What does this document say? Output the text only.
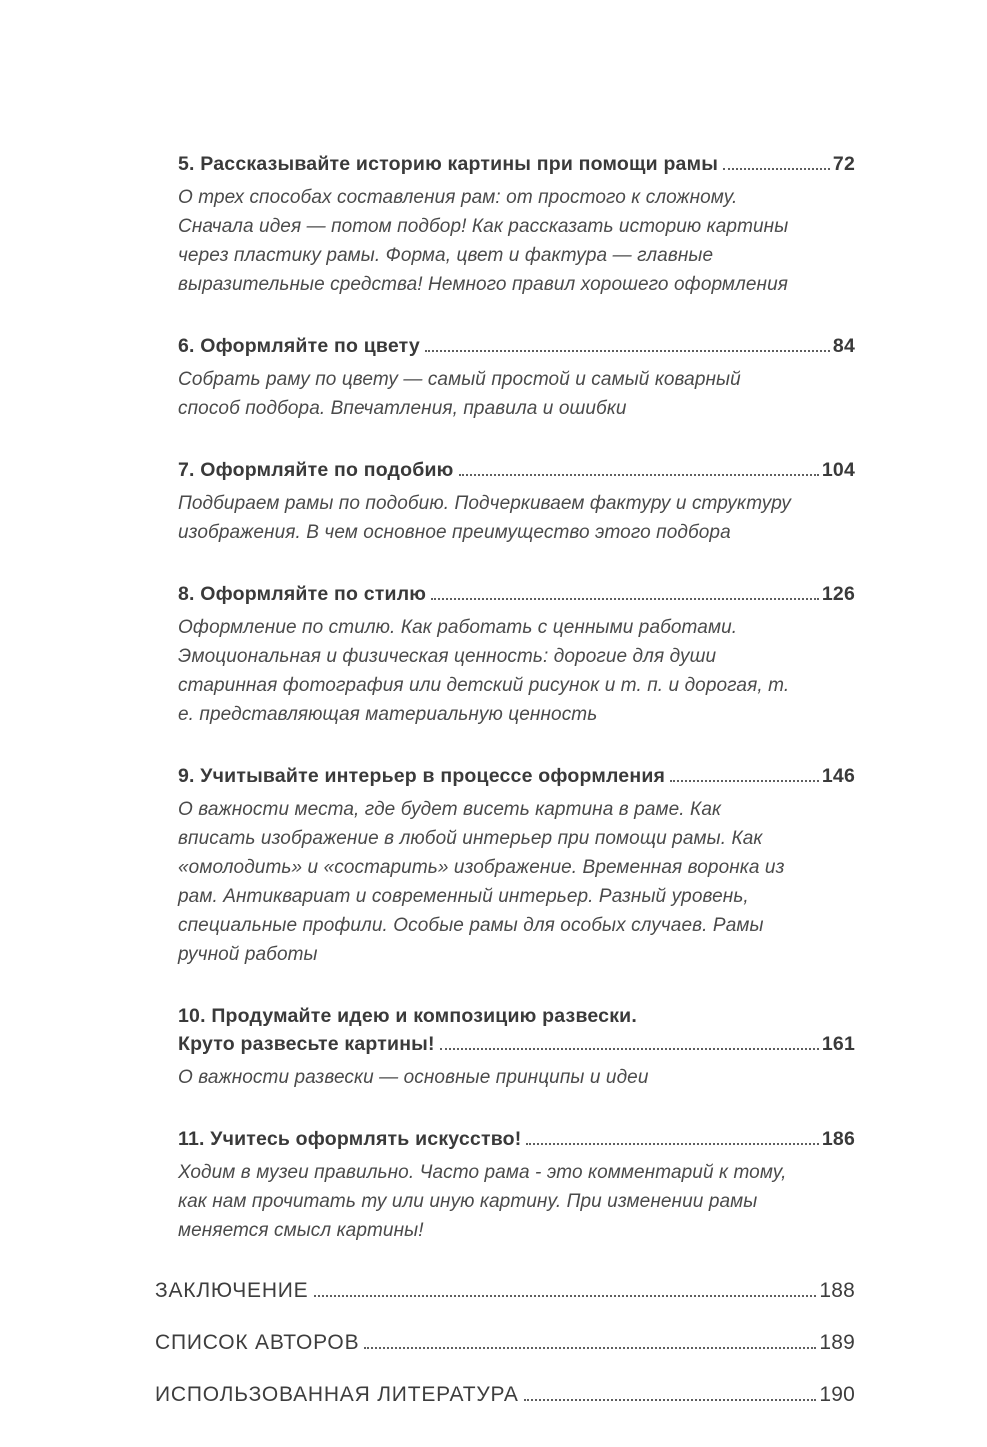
5. Рассказывайте историю картины при помощи рамы	72

О трех способах составления рам: от простого к сложному. Сначала идея — потом подбор! Как рассказать историю картины через пластику рамы. Форма, цвет и фактура — главные выразительные средства! Немного правил хорошего оформления

6. Оформляйте по цвету	84

Собрать раму по цвету — самый простой и самый коварный способ подбора. Впечатления, правила и ошибки

7. Оформляйте по подобию	104

Подбираем рамы по подобию. Подчеркиваем фактуру и структуру изображения. В чем основное преимущество этого подбора

8. Оформляйте по стилю	126

Оформление по стилю. Как работать с ценными работами. Эмоциональная и физическая ценность: дорогие для души старинная фотография или детский рисунок и т. п. и дорогая, т. е. представляющая материальную ценность

9. Учитывайте интерьер в процессе оформления	146

О важности места, где будет висеть картина в раме. Как вписать изображение в любой интерьер при помощи рамы. Как «омолодить» и «состарить» изображение. Временная воронка из рам. Антиквариат и современный интерьер. Разный уровень, специальные профили. Особые рамы для особых случаев. Рамы ручной работы

10. Продумайте идею и композицию развески.
Круто развесьте картины!	161

О важности развески — основные принципы и идеи

11. Учитесь оформлять искусство!	186

Ходим в музеи правильно. Часто рама - это комментарий к тому, как нам прочитать ту или иную картину. При изменении рамы меняется смысл картины!

ЗАКЛЮЧЕНИЕ	188
СПИСОК АВТОРОВ	189
ИСПОЛЬЗОВАННАЯ ЛИТЕРАТУРА	190
